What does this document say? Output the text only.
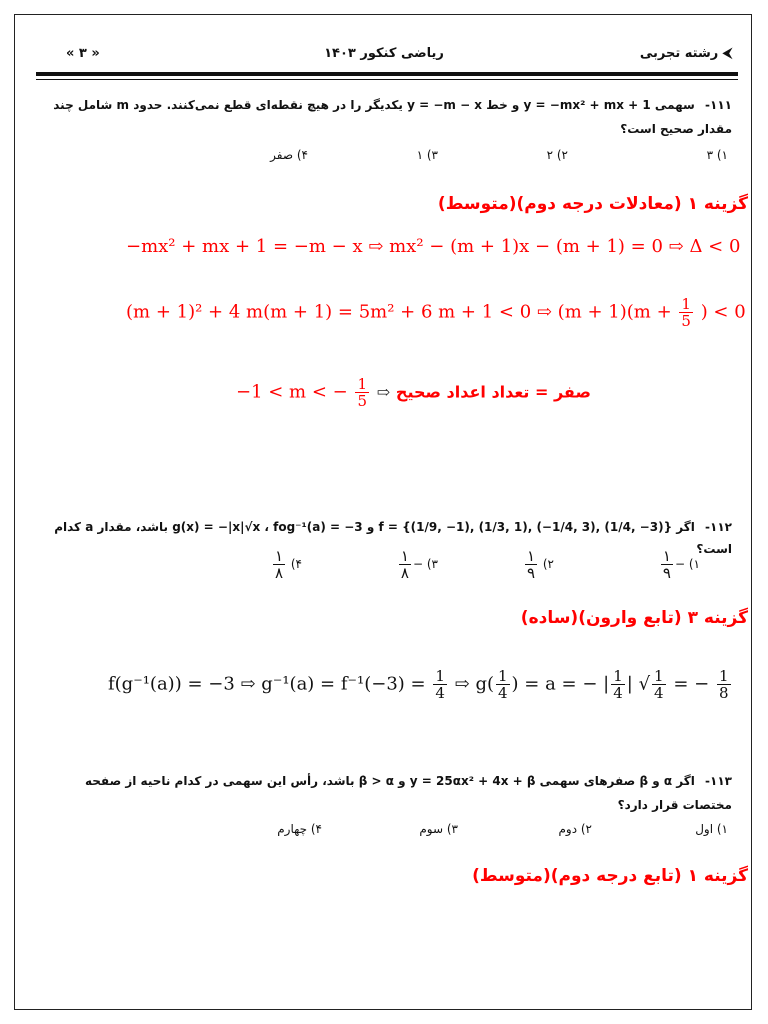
⮜ رشته تجربی
ریاضی کنکور ۱۴۰۳
« ۳ »
۱۱۱- سهمی y = −mx² + mx + 1 و خط y = −m − x یکدیگر را در هیچ نقطه‌ای قطع نمی‌کنند. حدود m شامل چند
مقدار صحیح است؟
۱) ۳
۲) ۲
۳) ۱
۴) صفر
گزینه ۱ (معادلات درجه دوم)(متوسط)
−mx² + mx + 1 = −m − x ⇨ mx² − (m + 1)x − (m + 1) = 0 ⇨ Δ < 0
(m + 1)² + 4 m(m + 1) = 5m² + 6 m + 1 < 0 ⇨ $(m + 1)(m + \frac{1}{5}$ ) < 0
−1 < m < − $\frac{1}{5}$ ⇨ صفر = تعداد اعداد صحیح
۱۱۲- اگر f = {(1/9, −1), (1/3, 1), (−1/4, 3), (1/4, −3)} و g(x) = −|x|√x ، fog⁻¹(a) = −3 باشد، مقدار a کدام است؟
۱) −
$\frac{۱}{۹}$
۲)
$\frac{۱}{۹}$
۳) −
$\frac{۱}{۸}$
۴)
$\frac{۱}{۸}$
گزینه ۳ (تابع وارون)(ساده)
f(g⁻¹(a)) = −3 ⇨ $g^{-1}(a) = f^{-1}(-3) = \frac{1}{4}$ ⇨ $g( \frac{1}{4}$ ) = a = − | $\frac{1}{4}$ | √ $\frac{1}{4}$ = − $\frac{1}{8}$
۱۱۳- اگر α و β صفرهای سهمی y = 25αx² + 4x + β و β > α باشد، رأس این سهمی در کدام ناحیه از صفحه
مختصات قرار دارد؟
۱) اول
۲) دوم
۳) سوم
۴) چهارم
گزینه ۱ (تابع درجه دوم)(متوسط)
